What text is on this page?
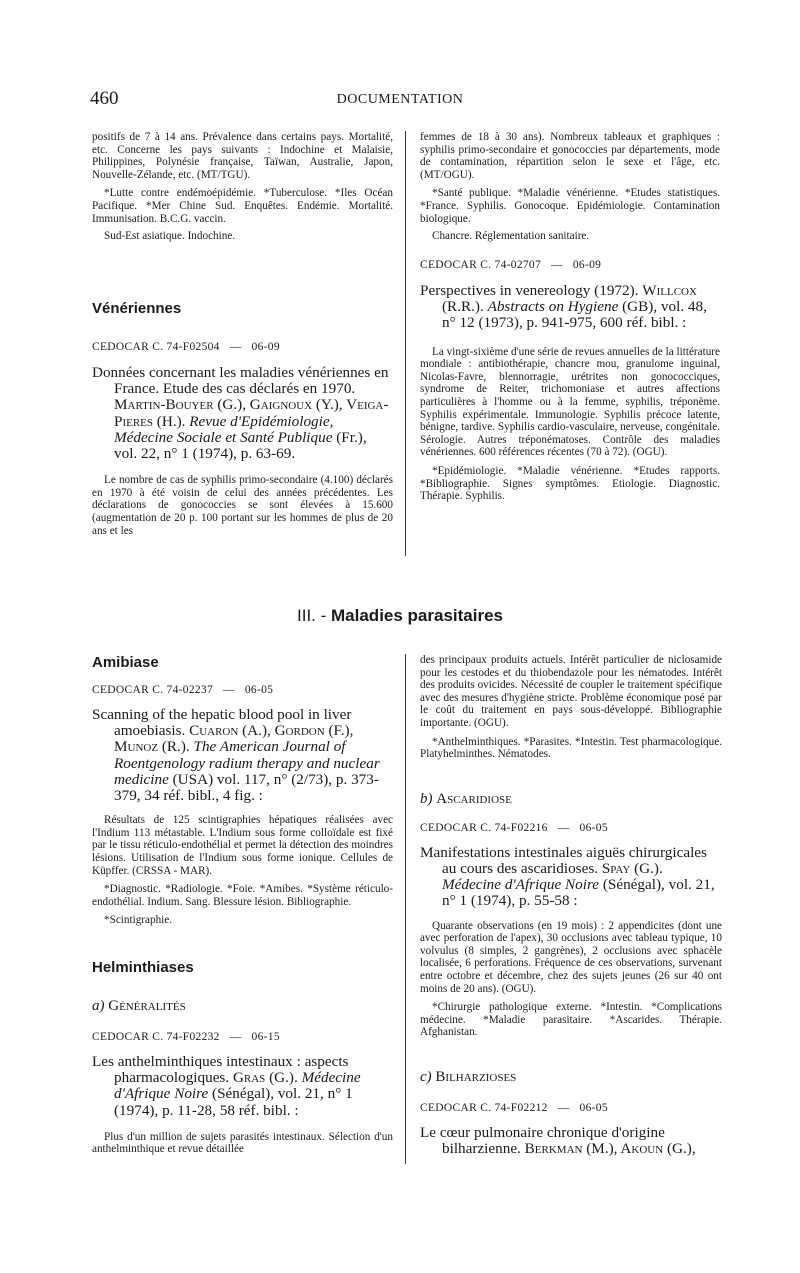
460	DOCUMENTATION

positifs de 7 à 14 ans. Prévalence dans certains pays. Mortalité, etc. Concerne les pays suivants : Indochine et Malaisie, Philippines, Polynésie française, Taïwan, Australie, Japon, Nouvelle-Zélande, etc. (MT/TGU).

*Lutte contre endémoépidémie. *Tuberculose. *Iles Océan Pacifique. *Mer Chine Sud. Enquêtes. Endémie. Mortalité. Immunisation. B.C.G. vaccin.

Sud-Est asiatique. Indochine.

Vénériennes

CEDOCAR C. 74-F02504 — 06-09

Données concernant les maladies vénériennes en France. Etude des cas déclarés en 1970. Martin-Bouyer (G.), Gaignoux (Y.), Veiga-Pieres (H.). Revue d'Epidémiologie, Médecine Sociale et Santé Publique (Fr.), vol. 22, n° 1 (1974), p. 63-69.

Le nombre de cas de syphilis primo-secondaire (4.100) déclarés en 1970 à été voisin de celui des années précédentes. Les déclarations de gonococcies se sont élevées à 15.600 (augmentation de 20 p. 100 portant sur les hommes de plus de 20 ans et les

femmes de 18 à 30 ans). Nombreux tableaux et graphiques : syphilis primo-secondaire et gonococcies par départements, mode de contamination, répartition selon le sexe et l'âge, etc. (MT/OGU).

*Santé publique. *Maladie vénérienne. *Etudes statistiques. *France. Syphilis. Gonocoque. Epidémiologie. Contamination biologique.

Chancre. Réglementation sanitaire.

CEDOCAR C. 74-02707 — 06-09

Perspectives in venereology (1972). Willcox (R.R.). Abstracts on Hygiene (GB), vol. 48, n° 12 (1973), p. 941-975, 600 réf. bibl. :

La vingt-sixième d'une série de revues annuelles de la littérature mondiale : antibiothérapie, chancre mou, granulome inguinal, Nicolas-Favre, blennorragie, urétrites non gonococciques, syndrome de Reiter, trichomoniase et autres affections particulières à l'homme ou à la femme, syphilis, tréponème. Syphilis expérimentale. Immunologie. Syphilis précoce latente, bénigne, tardive. Syphilis cardio-vasculaire, nerveuse, congénitale. Sérologie. Autres tréponématoses. Contrôle des maladies vénériennes. 600 références récentes (70 à 72). (OGU).

*Epidémiologie. *Maladie vénérienne. *Etudes rapports. *Bibliographie. Signes symptômes. Etiologie. Diagnostic. Thérapie. Syphilis.

III. - Maladies parasitaires

Amibiase

CEDOCAR C. 74-02237 — 06-05

Scanning of the hepatic blood pool in liver amoebiasis. Cuaron (A.), Gordon (F.), Munoz (R.). The American Journal of Roentgenology radium therapy and nuclear medicine (USA) vol. 117, n° (2/73), p. 373-379, 34 réf. bibl., 4 fig. :

Résultats de 125 scintigraphies hépatiques réalisées avec l'Indium 113 métastable. L'Indium sous forme colloïdale est fixé par le tissu réticulo-endothélial et permet la détection des moindres lésions. Utilisation de l'Indium sous forme ionique. Cellules de Küpffer. (CRSSA - MAR).

*Diagnostic. *Radiologie. *Foie. *Amibes. *Système réticulo-endothélial. Indium. Sang. Blessure lésion. Bibliographie.

*Scintigraphie.

Helminthiases

a) Généralités

CEDOCAR C. 74-F02232 — 06-15

Les anthelminthiques intestinaux : aspects pharmacologiques. Gras (G.). Médecine d'Afrique Noire (Sénégal), vol. 21, n° 1 (1974), p. 11-28, 58 réf. bibl. :

Plus d'un million de sujets parasités intestinaux. Sélection d'un anthelminthique et revue détaillée

des principaux produits actuels. Intérêt particulier de niclosamide pour les cestodes et du thiobendazole pour les nématodes. Intérêt des produits ovicides. Nécessité de coupler le traitement spécifique avec des mesures d'hygiène stricte. Problème économique posé par le coût du traitement en pays sous-développé. Bibliographie importante. (OGU).

*Anthelminthiques. *Parasites. *Intestin. Test pharmacologique. Platyhelminthes. Nématodes.

b) Ascaridiose

CEDOCAR C. 74-F02216 — 06-05

Manifestations intestinales aiguës chirurgicales au cours des ascaridioses. Spay (G.). Médecine d'Afrique Noire (Sénégal), vol. 21, n° 1 (1974), p. 55-58 :

Quarante observations (en 19 mois) : 2 appendicites (dont une avec perforation de l'apex), 30 occlusions avec tableau typique, 10 volvulus (8 simples, 2 gangrènes), 2 occlusions avec sphacèle localisée, 6 perforations. Fréquence de ces observations, survenant entre octobre et décembre, chez des sujets jeunes (26 sur 40 ont moins de 20 ans). (OGU).

*Chirurgie pathologique externe. *Intestin. *Complications médecine. *Maladie parasitaire. *Ascarides. Thérapie. Afghanistan.

c) Bilharzioses

CEDOCAR C. 74-F02212 — 06-05

Le cœur pulmonaire chronique d'origine bilharzienne. Berkman (M.), Akoun (G.),
